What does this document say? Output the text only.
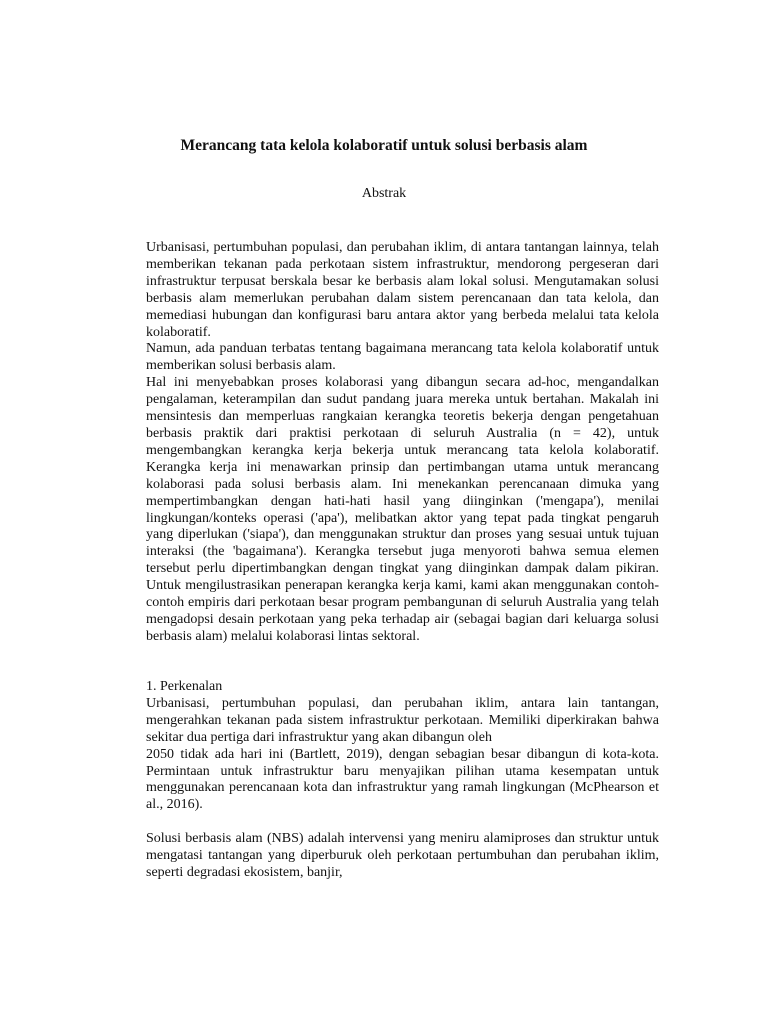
Merancang tata kelola kolaboratif untuk solusi berbasis alam
Abstrak

Urbanisasi, pertumbuhan populasi, dan perubahan iklim, di antara tantangan lainnya, telah memberikan tekanan pada perkotaan sistem infrastruktur, mendorong pergeseran dari infrastruktur terpusat berskala besar ke berbasis alam lokal solusi. Mengutamakan solusi berbasis alam memerlukan perubahan dalam sistem perencanaan dan tata kelola, dan memediasi hubungan dan konfigurasi baru antara aktor yang berbeda melalui tata kelola kolaboratif.

Namun, ada panduan terbatas tentang bagaimana merancang tata kelola kolaboratif untuk memberikan solusi berbasis alam.

Hal ini menyebabkan proses kolaborasi yang dibangun secara ad-hoc, mengandalkan pengalaman, keterampilan dan sudut pandang juara mereka untuk bertahan. Makalah ini mensintesis dan memperluas rangkaian kerangka teoretis bekerja dengan pengetahuan berbasis praktik dari praktisi perkotaan di seluruh Australia (n = 42), untuk mengembangkan kerangka kerja bekerja untuk merancang tata kelola kolaboratif. Kerangka kerja ini menawarkan prinsip dan pertimbangan utama untuk merancang kolaborasi pada solusi berbasis alam. Ini menekankan perencanaan dimuka yang mempertimbangkan dengan hati-hati hasil yang diinginkan ('mengapa'), menilai lingkungan/konteks operasi ('apa'), melibatkan aktor yang tepat pada tingkat pengaruh yang diperlukan ('siapa'), dan menggunakan struktur dan proses yang sesuai untuk tujuan interaksi (the 'bagaimana'). Kerangka tersebut juga menyoroti bahwa semua elemen tersebut perlu dipertimbangkan dengan tingkat yang diinginkan dampak dalam pikiran. Untuk mengilustrasikan penerapan kerangka kerja kami, kami akan menggunakan contoh-contoh empiris dari perkotaan besar program pembangunan di seluruh Australia yang telah mengadopsi desain perkotaan yang peka terhadap air (sebagai bagian dari keluarga solusi berbasis alam) melalui kolaborasi lintas sektoral.

1. Perkenalan

Urbanisasi, pertumbuhan populasi, dan perubahan iklim, antara lain tantangan, mengerahkan tekanan pada sistem infrastruktur perkotaan. Memiliki diperkirakan bahwa sekitar dua pertiga dari infrastruktur yang akan dibangun oleh

2050 tidak ada hari ini (Bartlett, 2019), dengan sebagian besar dibangun di kota-kota. Permintaan untuk infrastruktur baru menyajikan pilihan utama kesempatan untuk menggunakan perencanaan kota dan infrastruktur yang ramah lingkungan (McPhearson et al., 2016).

Solusi berbasis alam (NBS) adalah intervensi yang meniru alamiproses dan struktur untuk mengatasi tantangan yang diperburuk oleh perkotaan pertumbuhan dan perubahan iklim, seperti degradasi ekosistem, banjir,
